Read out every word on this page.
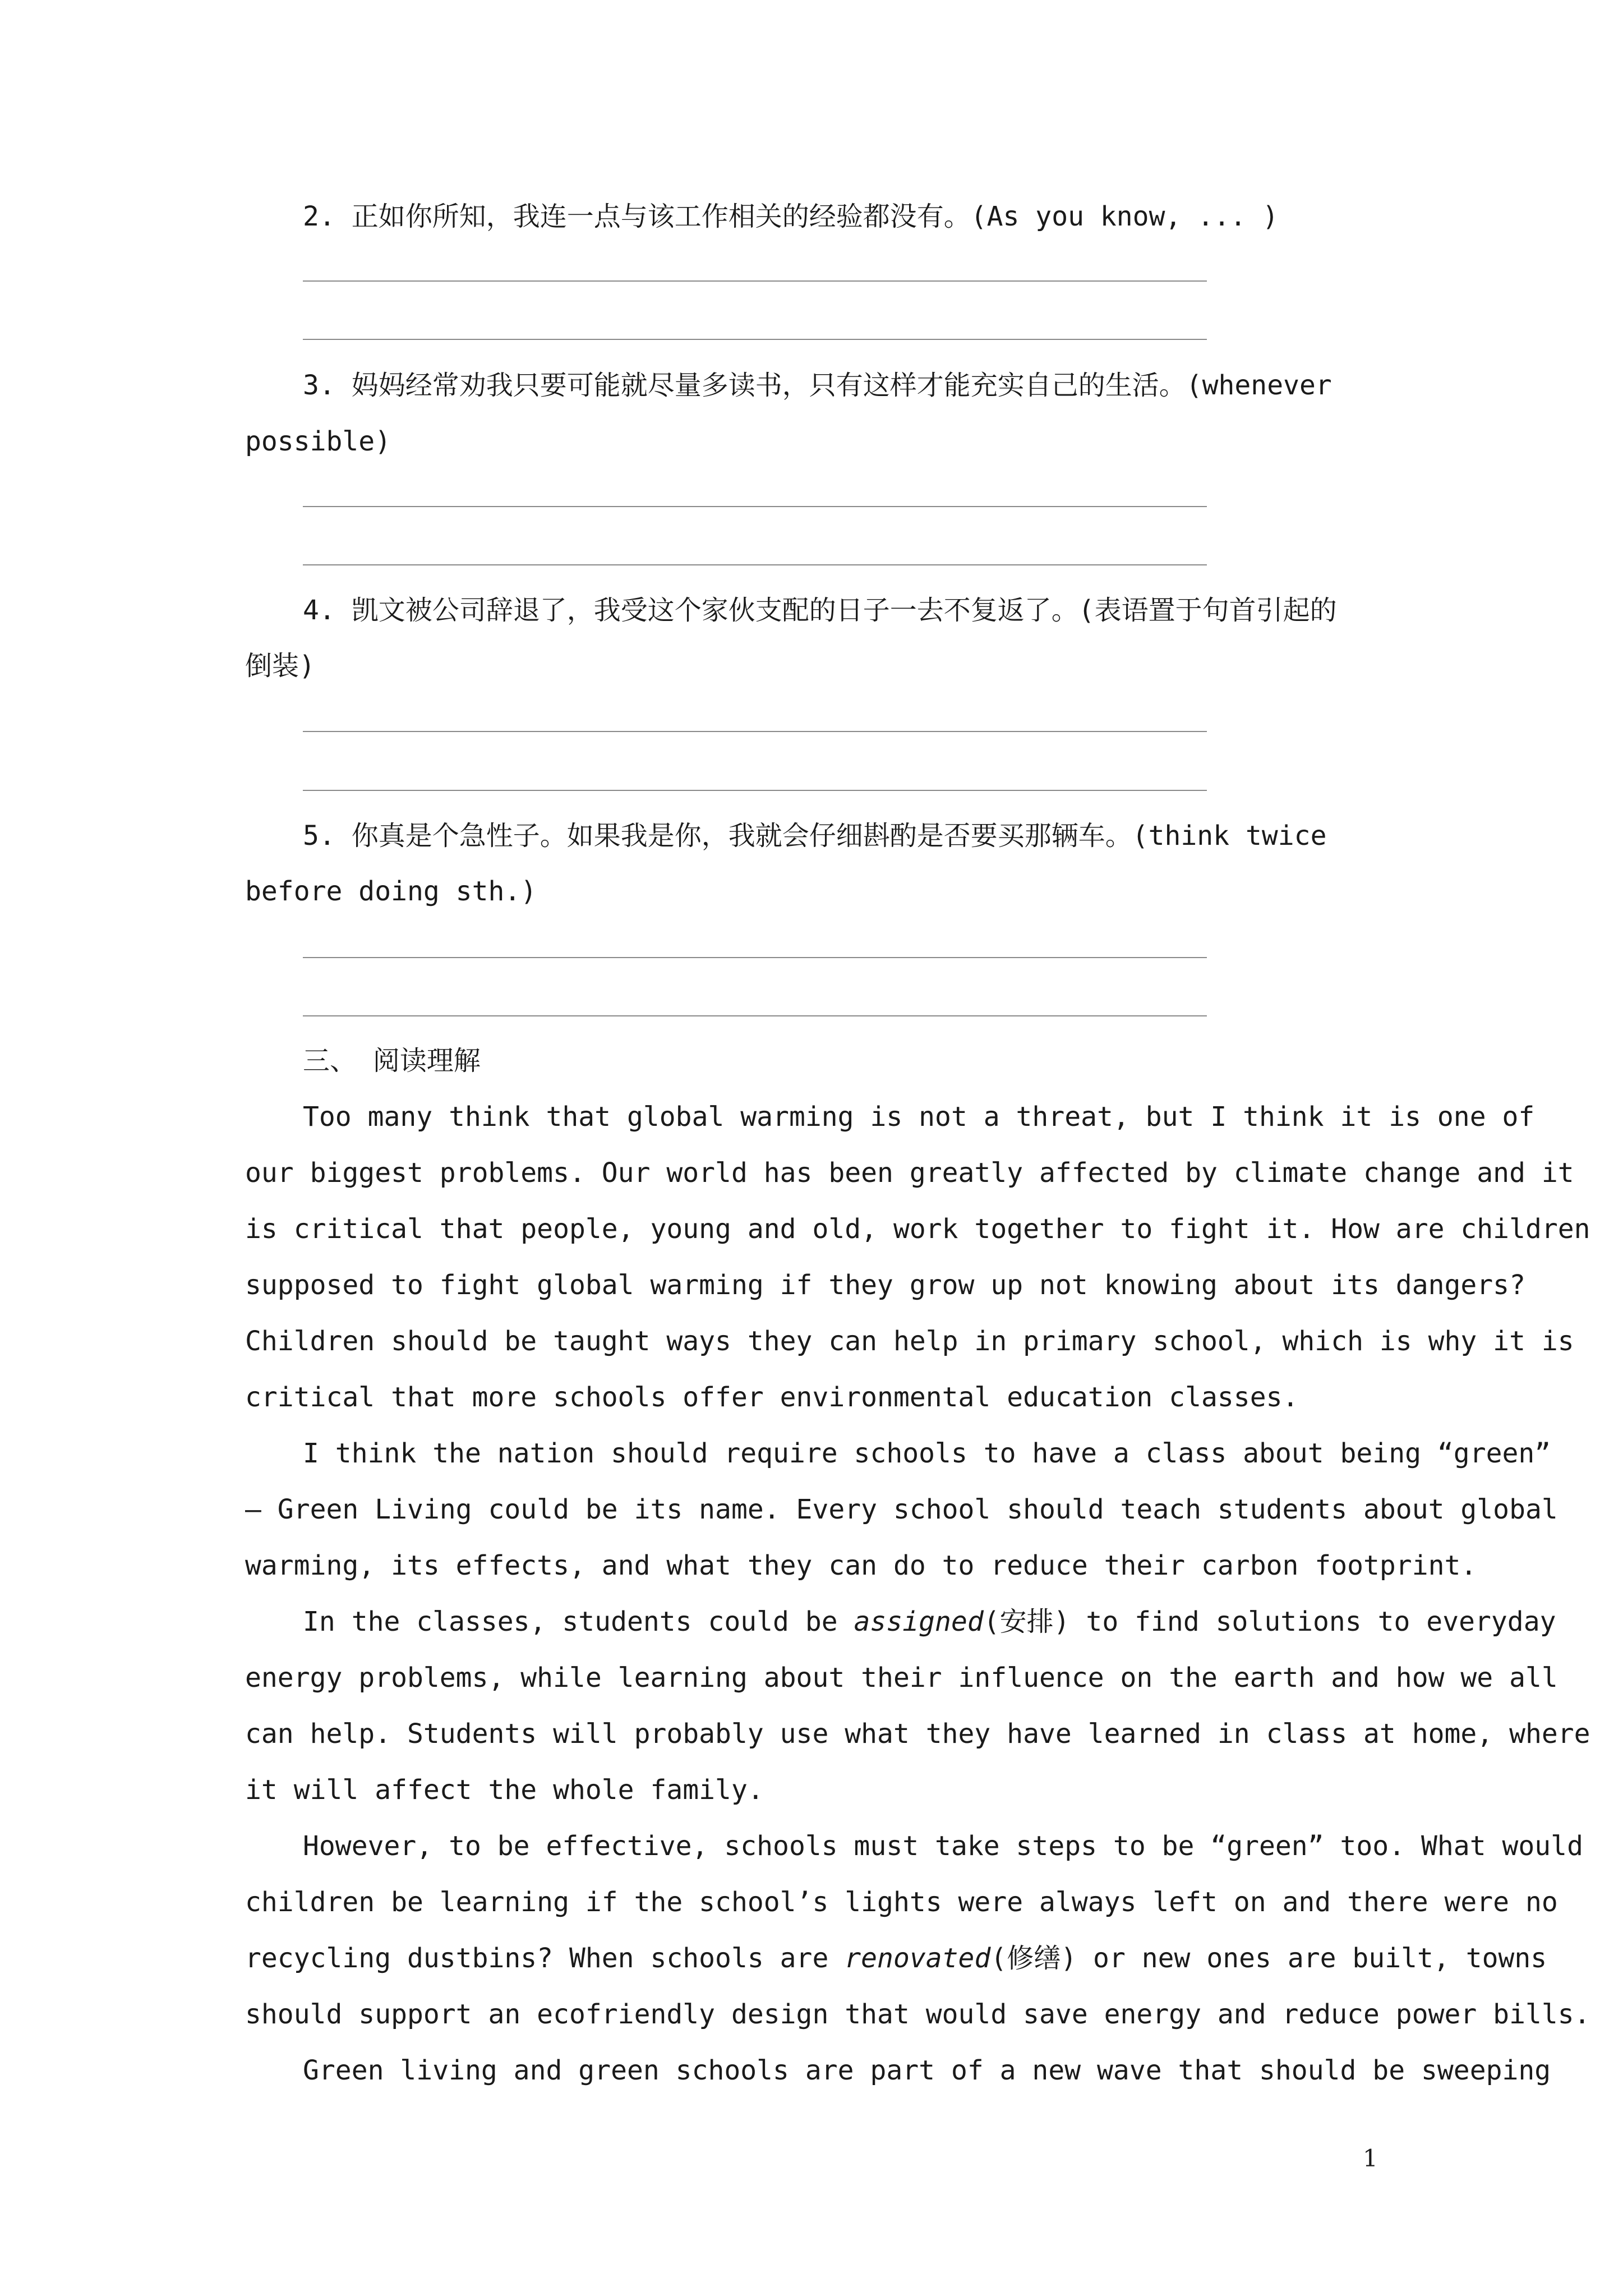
2. 正如你所知，我连一点与该工作相关的经验都没有。(As you know, ... )
3. 妈妈经常劝我只要可能就尽量多读书，只有这样才能充实自己的生活。(whenever
possible)
4. 凯文被公司辞退了，我受这个家伙支配的日子一去不复返了。(表语置于句首引起的
倒装)
5. 你真是个急性子。如果我是你，我就会仔细斟酌是否要买那辆车。(think twice
before doing sth.)
三、 阅读理解
Too many think that global warming is not a threat, but I think it is one of
our biggest problems. Our world has been greatly affected by climate change and it
is critical that people, young and old, work together to fight it. How are children
supposed to fight global warming if they grow up not knowing about its dangers?
Children should be taught ways they can help in primary school, which is why it is
critical that more schools offer environmental education classes.
I think the nation should require schools to have a class about being “green”
— Green Living could be its name. Every school should teach students about global
warming, its effects, and what they can do to reduce their carbon footprint.
In the classes, students could be assigned(安排) to find solutions to everyday
energy problems, while learning about their influence on the earth and how we all
can help. Students will probably use what they have learned in class at home, where
it will affect the whole family.
However, to be effective, schools must take steps to be “green” too. What would
children be learning if the school’s lights were always left on and there were no
recycling dustbins? When schools are renovated(修缮) or new ones are built, towns
should support an ecofriendly design that would save energy and reduce power bills.
Green living and green schools are part of a new wave that should be sweeping
1
